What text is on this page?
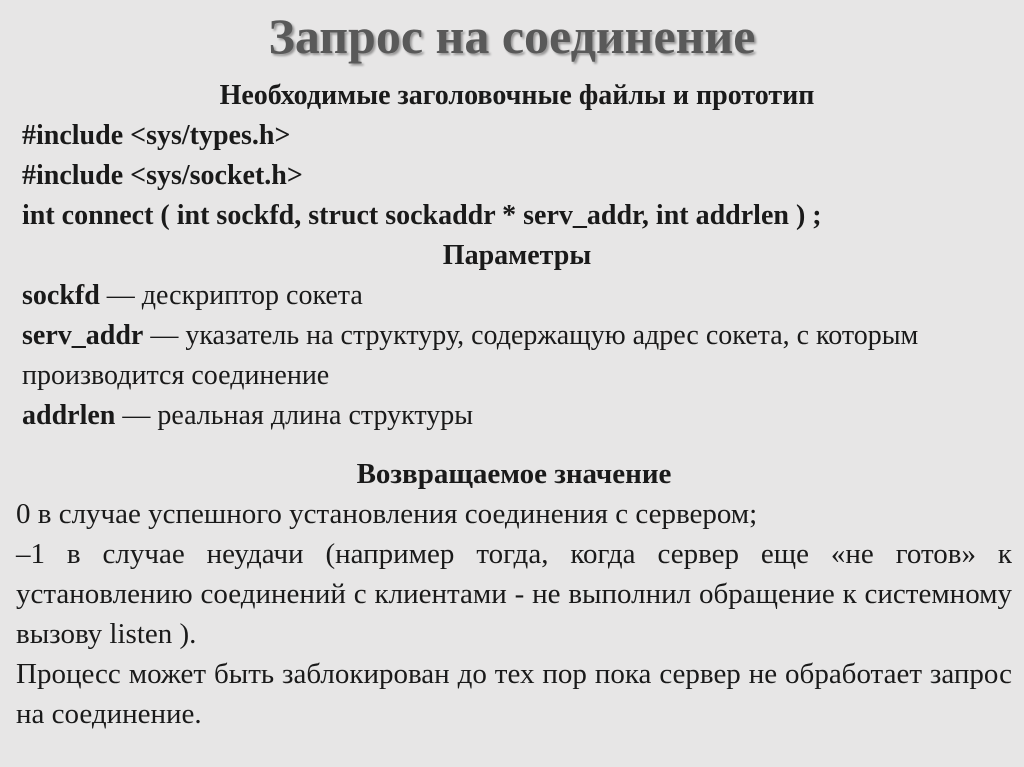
Запрос на соединение
Необходимые заголовочные файлы и прототип
#include <sys/types.h>
#include <sys/socket.h>
int connect ( int sockfd, struct sockaddr * serv_addr, int addrlen ) ;
Параметры
sockfd — дескриптор сокета
serv_addr — указатель на структуру, содержащую адрес сокета, с которым производится соединение
addrlen — реальная длина структуры
Возвращаемое значение
0 в случае успешного установления соединения с сервером;
–1 в случае неудачи (например тогда, когда сервер еще «не готов» к установлению соединений с клиентами - не выполнил обращение к системному вызову listen ).
Процесс может быть заблокирован до тех пор пока сервер не обработает запрос на соединение.
